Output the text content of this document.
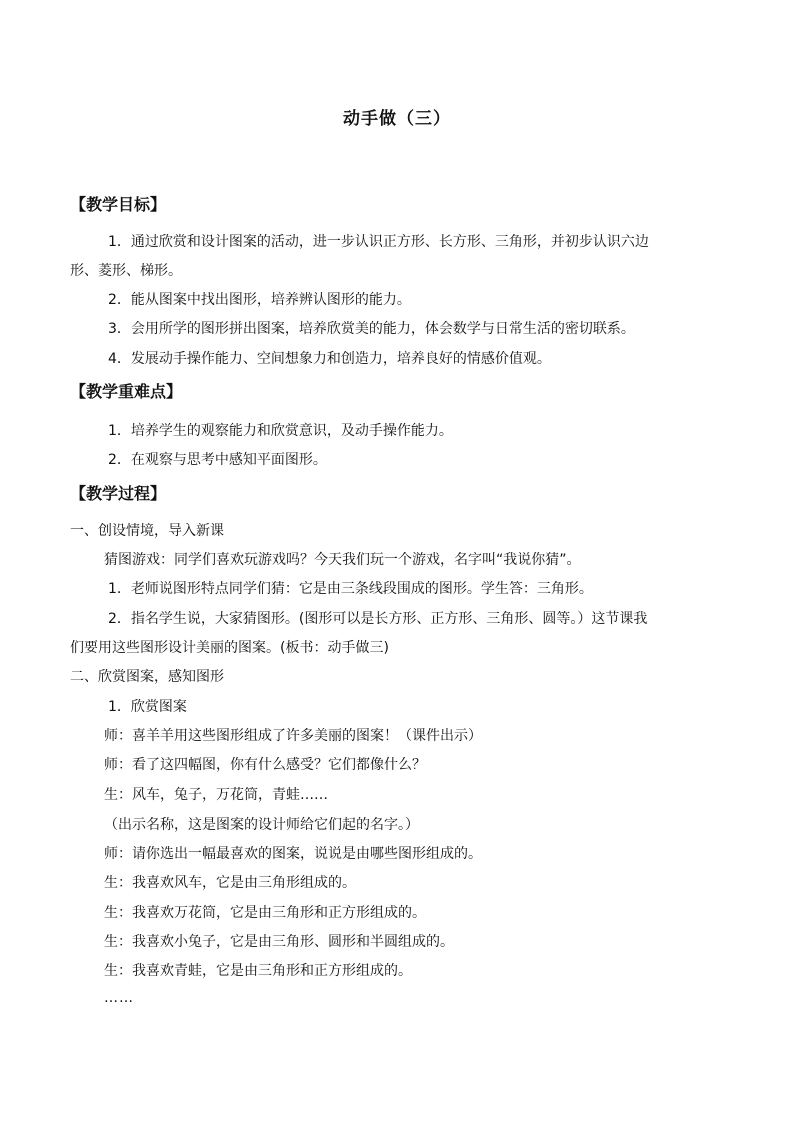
动手做（三）
【教学目标】
1．通过欣赏和设计图案的活动，进一步认识正方形、长方形、三角形，并初步认识六边
形、菱形、梯形。
2．能从图案中找出图形，培养辨认图形的能力。
3．会用所学的图形拼出图案，培养欣赏美的能力，体会数学与日常生活的密切联系。
4．发展动手操作能力、空间想象力和创造力，培养良好的情感价值观。
【教学重难点】
1．培养学生的观察能力和欣赏意识，及动手操作能力。
2．在观察与思考中感知平面图形。
【教学过程】
一、创设情境，导入新课
猜图游戏：同学们喜欢玩游戏吗？今天我们玩一个游戏，名字叫“我说你猜”。
1．老师说图形特点同学们猜：它是由三条线段围成的图形。学生答：三角形。
2．指名学生说，大家猜图形。(图形可以是长方形、正方形、三角形、圆等。）这节课我
们要用这些图形设计美丽的图案。(板书：动手做三)
二、欣赏图案，感知图形
1．欣赏图案
师：喜羊羊用这些图形组成了许多美丽的图案！（课件出示）
师：看了这四幅图，你有什么感受？它们都像什么？
生：风车，兔子，万花筒，青蛙……
（出示名称，这是图案的设计师给它们起的名字。）
师：请你选出一幅最喜欢的图案，说说是由哪些图形组成的。
生：我喜欢风车，它是由三角形组成的。
生：我喜欢万花筒，它是由三角形和正方形组成的。
生：我喜欢小兔子，它是由三角形、圆形和半圆组成的。
生：我喜欢青蛙，它是由三角形和正方形组成的。
……
